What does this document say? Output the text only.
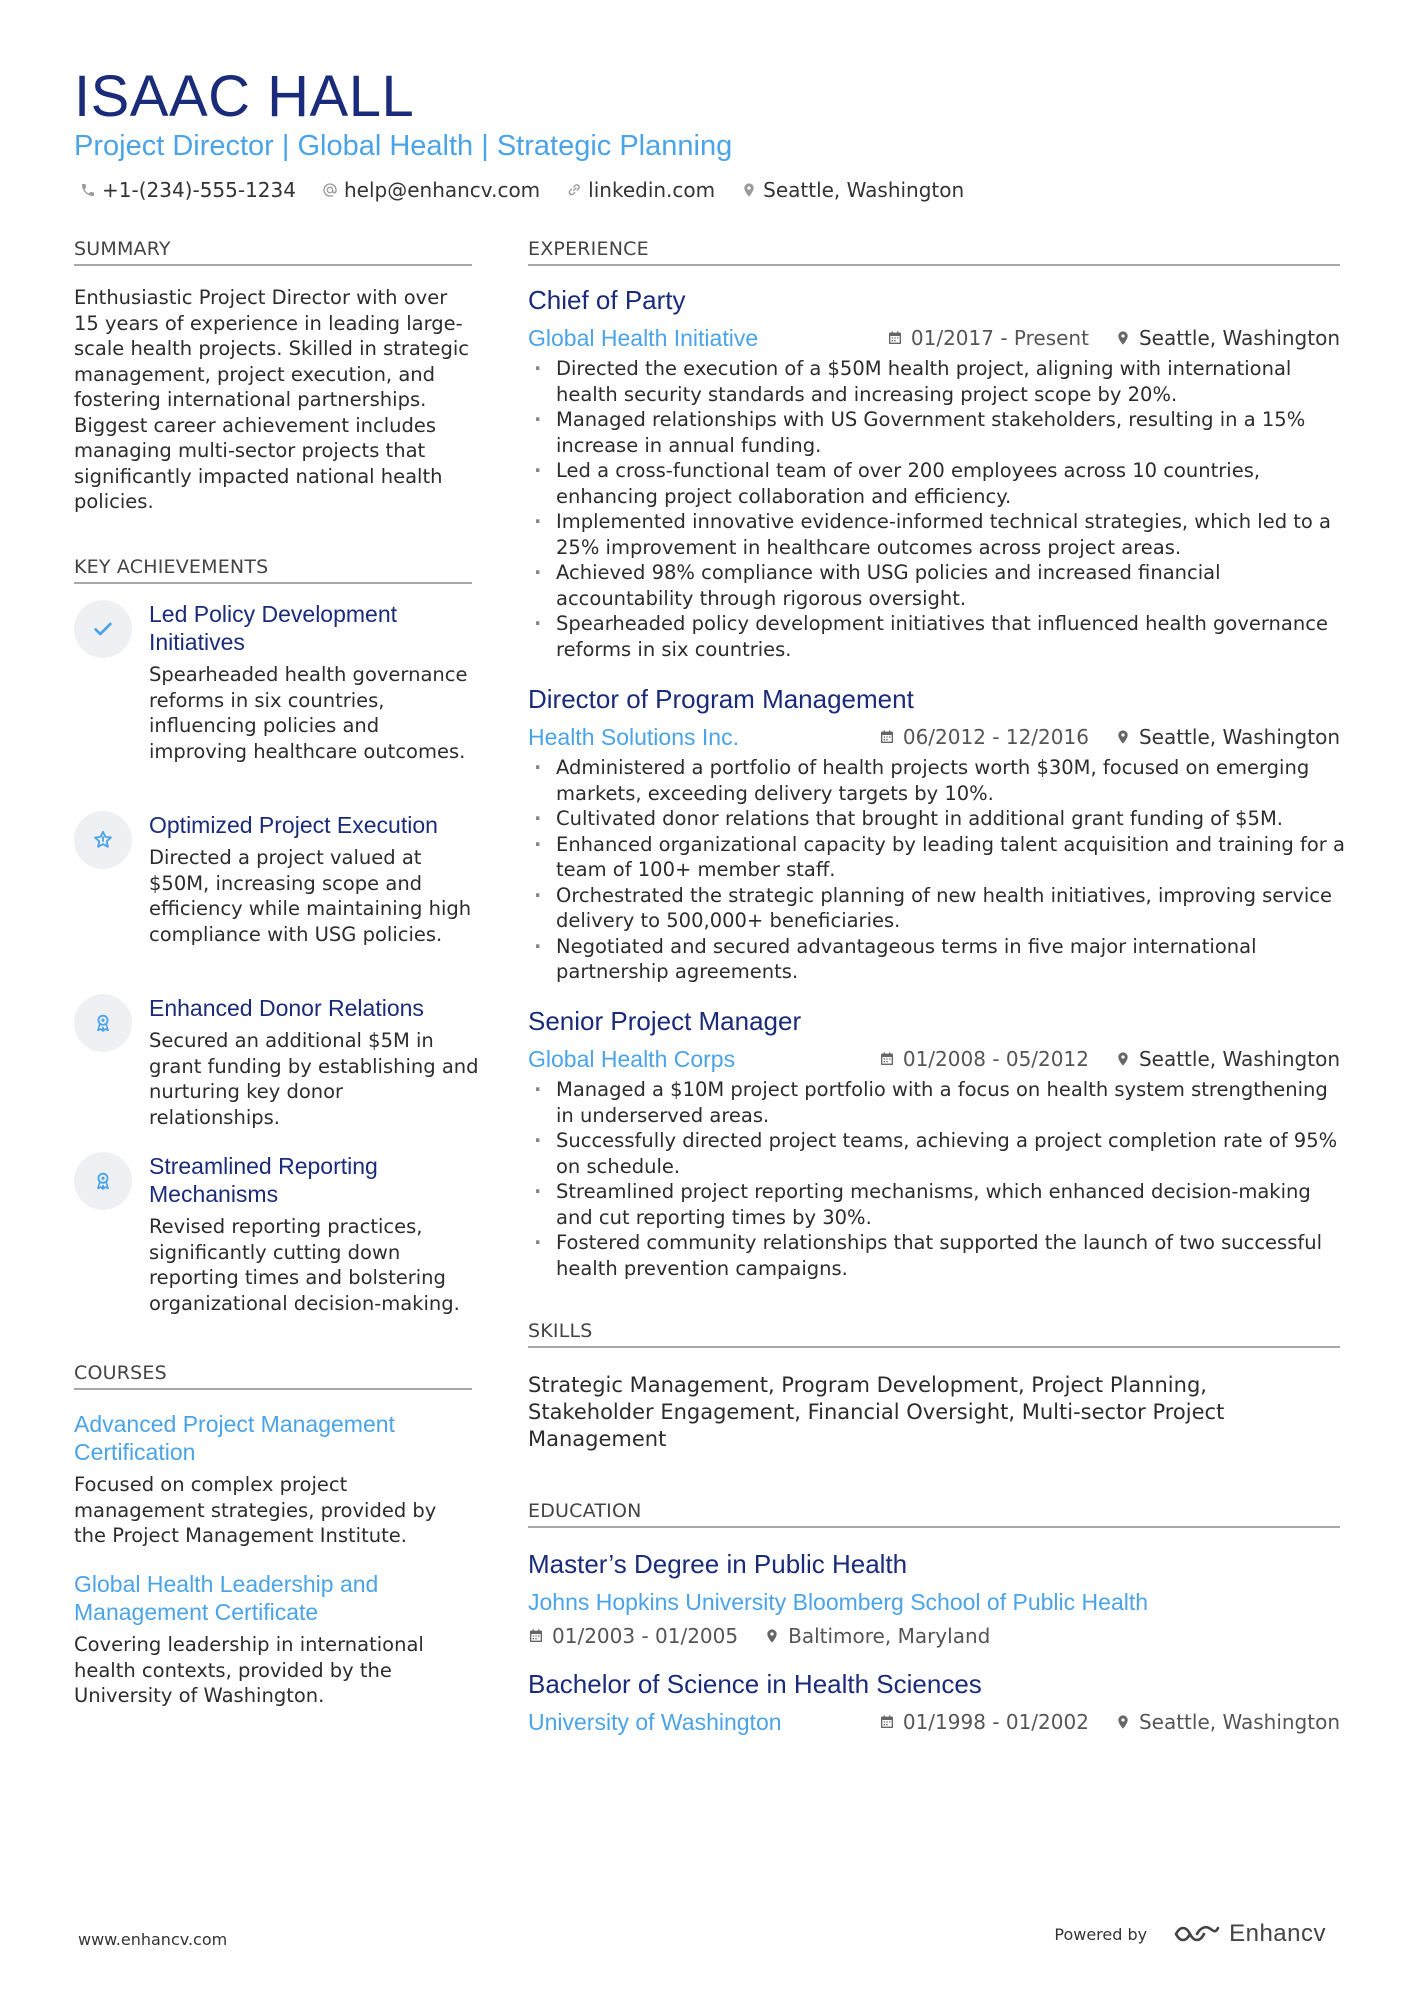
ISAAC HALL
Project Director | Global Health | Strategic Planning
+1-(234)-555-1234 help@enhancv.com linkedin.com Seattle, Washington
SUMMARY
Enthusiastic Project Director with over 15 years of experience in leading large-scale health projects. Skilled in strategic management, project execution, and fostering international partnerships. Biggest career achievement includes managing multi-sector projects that significantly impacted national health policies.
KEY ACHIEVEMENTS
Led Policy Development Initiatives
Spearheaded health governance reforms in six countries, influencing policies and improving healthcare outcomes.
Optimized Project Execution
Directed a project valued at $50M, increasing scope and efficiency while maintaining high compliance with USG policies.
Enhanced Donor Relations
Secured an additional $5M in grant funding by establishing and nurturing key donor relationships.
Streamlined Reporting Mechanisms
Revised reporting practices, significantly cutting down reporting times and bolstering organizational decision-making.
COURSES
Advanced Project Management Certification
Focused on complex project management strategies, provided by the Project Management Institute.
Global Health Leadership and Management Certificate
Covering leadership in international health contexts, provided by the University of Washington.
EXPERIENCE
Chief of Party
Global Health Initiative	01/2017 - Present	Seattle, Washington
· Directed the execution of a $50M health project, aligning with international health security standards and increasing project scope by 20%.
· Managed relationships with US Government stakeholders, resulting in a 15% increase in annual funding.
· Led a cross-functional team of over 200 employees across 10 countries, enhancing project collaboration and efficiency.
· Implemented innovative evidence-informed technical strategies, which led to a 25% improvement in healthcare outcomes across project areas.
· Achieved 98% compliance with USG policies and increased financial accountability through rigorous oversight.
· Spearheaded policy development initiatives that influenced health governance reforms in six countries.
Director of Program Management
Health Solutions Inc.	06/2012 - 12/2016	Seattle, Washington
· Administered a portfolio of health projects worth $30M, focused on emerging markets, exceeding delivery targets by 10%.
· Cultivated donor relations that brought in additional grant funding of $5M.
· Enhanced organizational capacity by leading talent acquisition and training for a team of 100+ member staff.
· Orchestrated the strategic planning of new health initiatives, improving service delivery to 500,000+ beneficiaries.
· Negotiated and secured advantageous terms in five major international partnership agreements.
Senior Project Manager
Global Health Corps	01/2008 - 05/2012	Seattle, Washington
· Managed a $10M project portfolio with a focus on health system strengthening in underserved areas.
· Successfully directed project teams, achieving a project completion rate of 95% on schedule.
· Streamlined project reporting mechanisms, which enhanced decision-making and cut reporting times by 30%.
· Fostered community relationships that supported the launch of two successful health prevention campaigns.
SKILLS
Strategic Management, Program Development, Project Planning, Stakeholder Engagement, Financial Oversight, Multi-sector Project Management
EDUCATION
Master’s Degree in Public Health
Johns Hopkins University Bloomberg School of Public Health
01/2003 - 01/2005	Baltimore, Maryland
Bachelor of Science in Health Sciences
University of Washington	01/1998 - 01/2002	Seattle, Washington
www.enhancv.com	Powered by	Enhancv
